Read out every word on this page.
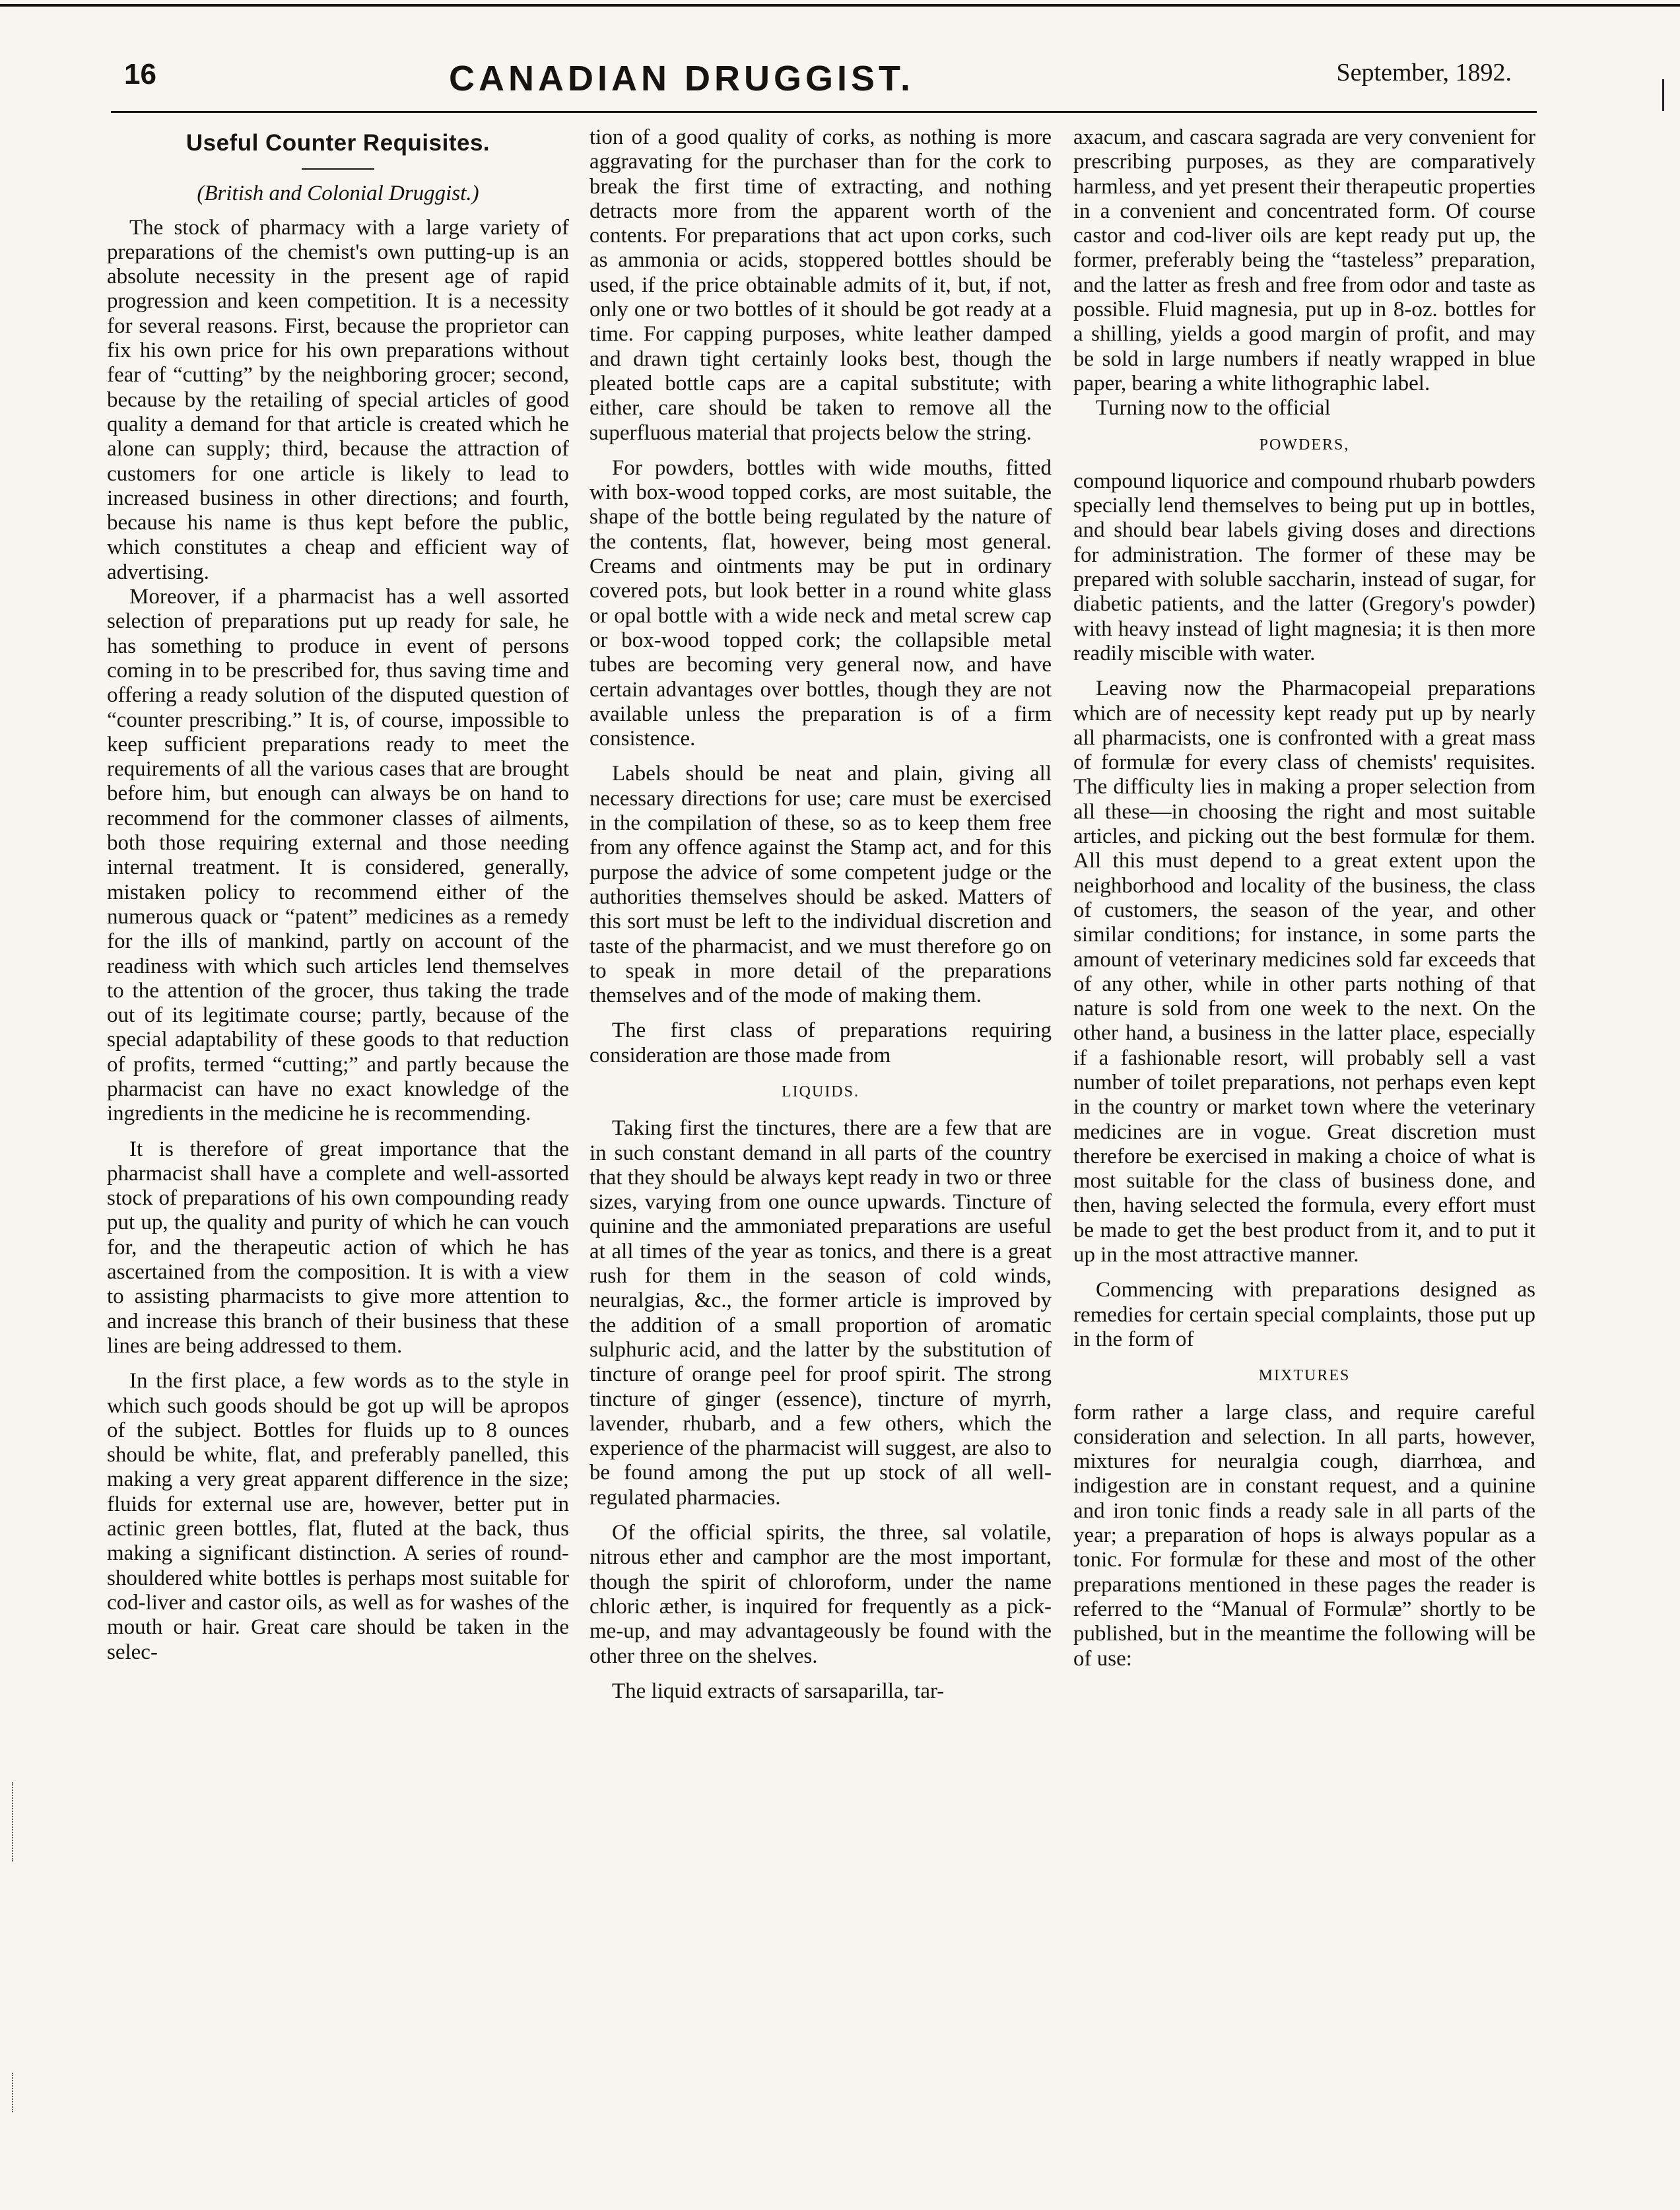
16	CANADIAN DRUGGIST.	September, 1892.
Useful Counter Requisites.
(British and Colonial Druggist.)

The stock of pharmacy with a large variety of preparations of the chemist's own putting-up is an absolute necessity in the present age of rapid progression and keen competition. It is a necessity for several reasons. First, because the proprietor can fix his own price for his own preparations without fear of “cutting” by the neighboring grocer; second, because by the retailing of special articles of good quality a demand for that article is created which he alone can supply; third, because the attraction of customers for one article is likely to lead to increased business in other directions; and fourth, because his name is thus kept before the public, which constitutes a cheap and efficient way of advertising.

Moreover, if a pharmacist has a well assorted selection of preparations put up ready for sale, he has something to produce in event of persons coming in to be prescribed for, thus saving time and offering a ready solution of the disputed question of “counter prescribing.” It is, of course, impossible to keep sufficient preparations ready to meet the requirements of all the various cases that are brought before him, but enough can always be on hand to recommend for the commoner classes of ailments, both those requiring external and those needing internal treatment. It is considered, generally, mistaken policy to recommend either of the numerous quack or “patent” medicines as a remedy for the ills of mankind, partly on account of the readiness with which such articles lend themselves to the attention of the grocer, thus taking the trade out of its legitimate course; partly, because of the special adaptability of these goods to that reduction of profits, termed “cutting;” and partly because the pharmacist can have no exact knowledge of the ingredients in the medicine he is recommending.

It is therefore of great importance that the pharmacist shall have a complete and well-assorted stock of preparations of his own compounding ready put up, the quality and purity of which he can vouch for, and the therapeutic action of which he has ascertained from the composition. It is with a view to assisting pharmacists to give more attention to and increase this branch of their business that these lines are being addressed to them.

In the first place, a few words as to the style in which such goods should be got up will be apropos of the subject. Bottles for fluids up to 8 ounces should be white, flat, and preferably panelled, this making a very great apparent difference in the size; fluids for external use are, however, better put in actinic green bottles, flat, fluted at the back, thus making a significant distinction. A series of round-shouldered white bottles is perhaps most suitable for cod-liver and castor oils, as well as for washes of the mouth or hair. Great care should be taken in the selec-

tion of a good quality of corks, as nothing is more aggravating for the purchaser than for the cork to break the first time of extracting, and nothing detracts more from the apparent worth of the contents. For preparations that act upon corks, such as ammonia or acids, stoppered bottles should be used, if the price obtainable admits of it, but, if not, only one or two bottles of it should be got ready at a time. For capping purposes, white leather damped and drawn tight certainly looks best, though the pleated bottle caps are a capital substitute; with either, care should be taken to remove all the superfluous material that projects below the string.

For powders, bottles with wide mouths, fitted with box-wood topped corks, are most suitable, the shape of the bottle being regulated by the nature of the contents, flat, however, being most general. Creams and ointments may be put in ordinary covered pots, but look better in a round white glass or opal bottle with a wide neck and metal screw cap or box-wood topped cork; the collapsible metal tubes are becoming very general now, and have certain advantages over bottles, though they are not available unless the preparation is of a firm consistence.

Labels should be neat and plain, giving all necessary directions for use; care must be exercised in the compilation of these, so as to keep them free from any offence against the Stamp act, and for this purpose the advice of some competent judge or the authorities themselves should be asked. Matters of this sort must be left to the individual discretion and taste of the pharmacist, and we must therefore go on to speak in more detail of the preparations themselves and of the mode of making them.

The first class of preparations requiring consideration are those made from

LIQUIDS.

Taking first the tinctures, there are a few that are in such constant demand in all parts of the country that they should be always kept ready in two or three sizes, varying from one ounce upwards. Tincture of quinine and the ammoniated preparations are useful at all times of the year as tonics, and there is a great rush for them in the season of cold winds, neuralgias, &c., the former article is improved by the addition of a small proportion of aromatic sulphuric acid, and the latter by the substitution of tincture of orange peel for proof spirit. The strong tincture of ginger (essence), tincture of myrrh, lavender, rhubarb, and a few others, which the experience of the pharmacist will suggest, are also to be found among the put up stock of all well-regulated pharmacies.

Of the official spirits, the three, sal volatile, nitrous ether and camphor are the most important, though the spirit of chloroform, under the name chloric æther, is inquired for frequently as a pick-me-up, and may advantageously be found with the other three on the shelves.

The liquid extracts of sarsaparilla, tar-

axacum, and cascara sagrada are very convenient for prescribing purposes, as they are comparatively harmless, and yet present their therapeutic properties in a convenient and concentrated form. Of course castor and cod-liver oils are kept ready put up, the former, preferably being the “tasteless” preparation, and the latter as fresh and free from odor and taste as possible. Fluid magnesia, put up in 8-oz. bottles for a shilling, yields a good margin of profit, and may be sold in large numbers if neatly wrapped in blue paper, bearing a white lithographic label.

Turning now to the official

POWDERS,

compound liquorice and compound rhubarb powders specially lend themselves to being put up in bottles, and should bear labels giving doses and directions for administration. The former of these may be prepared with soluble saccharin, instead of sugar, for diabetic patients, and the latter (Gregory's powder) with heavy instead of light magnesia; it is then more readily miscible with water.

Leaving now the Pharmacopeial preparations which are of necessity kept ready put up by nearly all pharmacists, one is confronted with a great mass of formulæ for every class of chemists' requisites. The difficulty lies in making a proper selection from all these—in choosing the right and most suitable articles, and picking out the best formulæ for them. All this must depend to a great extent upon the neighborhood and locality of the business, the class of customers, the season of the year, and other similar conditions; for instance, in some parts the amount of veterinary medicines sold far exceeds that of any other, while in other parts nothing of that nature is sold from one week to the next. On the other hand, a business in the latter place, especially if a fashionable resort, will probably sell a vast number of toilet preparations, not perhaps even kept in the country or market town where the veterinary medicines are in vogue. Great discretion must therefore be exercised in making a choice of what is most suitable for the class of business done, and then, having selected the formula, every effort must be made to get the best product from it, and to put it up in the most attractive manner.

Commencing with preparations designed as remedies for certain special complaints, those put up in the form of

MIXTURES

form rather a large class, and require careful consideration and selection. In all parts, however, mixtures for neuralgia cough, diarrhœa, and indigestion are in constant request, and a quinine and iron tonic finds a ready sale in all parts of the year; a preparation of hops is always popular as a tonic. For formulæ for these and most of the other preparations mentioned in these pages the reader is referred to the “Manual of Formulæ” shortly to be published, but in the meantime the following will be of use:
